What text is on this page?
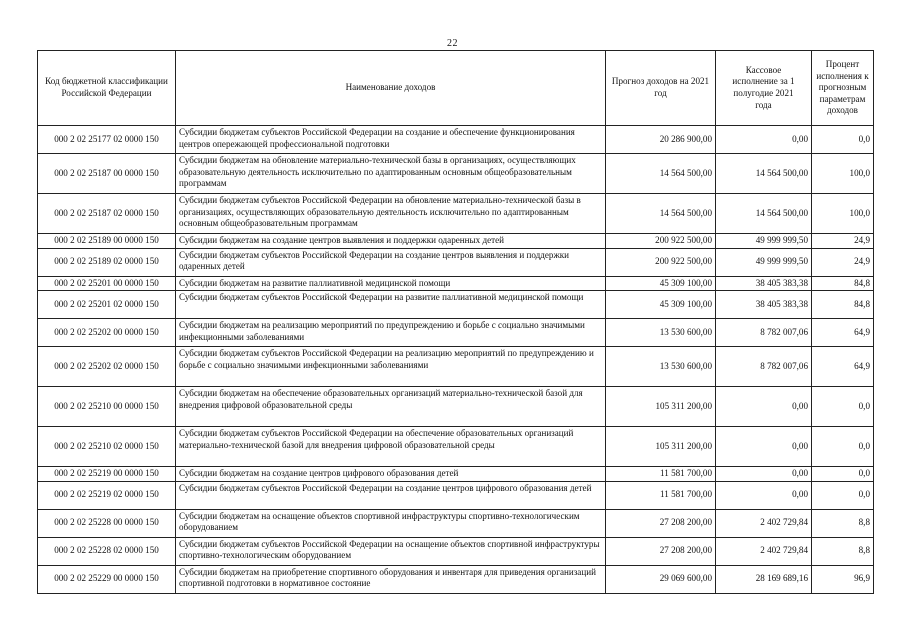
22
Код бюджетной классификации Российской Федерации	Наименование доходов	Прогноз доходов на 2021 год	Кассовое исполнение за 1 полугодие 2021 года	Процент исполнения к прогнозным параметрам доходов
000 2 02 25177 02 0000 150	Субсидии бюджетам субъектов Российской Федерации на создание и обеспечение функционирования центров опережающей профессиональной подготовки	20 286 900,00	0,00	0,0
000 2 02 25187 00 0000 150	Субсидии бюджетам на обновление материально-технической базы в организациях, осуществляющих образовательную деятельность исключительно по адаптированным основным общеобразовательным программам	14 564 500,00	14 564 500,00	100,0
000 2 02 25187 02 0000 150	Субсидии бюджетам субъектов Российской Федерации на обновление материально-технической базы в организациях, осуществляющих образовательную деятельность исключительно по адаптированным основным общеобразовательным программам	14 564 500,00	14 564 500,00	100,0
000 2 02 25189 00 0000 150	Субсидии бюджетам на создание центров выявления и поддержки одаренных детей	200 922 500,00	49 999 999,50	24,9
000 2 02 25189 02 0000 150	Субсидии бюджетам субъектов Российской Федерации на создание центров выявления и поддержки одаренных детей	200 922 500,00	49 999 999,50	24,9
000 2 02 25201 00 0000 150	Субсидии бюджетам на развитие паллиативной медицинской помощи	45 309 100,00	38 405 383,38	84,8
000 2 02 25201 02 0000 150	Субсидии бюджетам субъектов Российской Федерации на развитие паллиативной медицинской помощи	45 309 100,00	38 405 383,38	84,8
000 2 02 25202 00 0000 150	Субсидии бюджетам на реализацию мероприятий по предупреждению и борьбе с социально значимыми инфекционными заболеваниями	13 530 600,00	8 782 007,06	64,9
000 2 02 25202 02 0000 150	Субсидии бюджетам субъектов Российской Федерации на реализацию мероприятий по предупреждению и борьбе с социально значимыми инфекционными заболеваниями	13 530 600,00	8 782 007,06	64,9
000 2 02 25210 00 0000 150	Субсидии бюджетам на обеспечение образовательных организаций материально-технической базой для внедрения цифровой образовательной среды	105 311 200,00	0,00	0,0
000 2 02 25210 02 0000 150	Субсидии бюджетам субъектов Российской Федерации на обеспечение образовательных организаций материально-технической базой для внедрения цифровой образовательной среды	105 311 200,00	0,00	0,0
000 2 02 25219 00 0000 150	Субсидии бюджетам на создание центров цифрового образования детей	11 581 700,00	0,00	0,0
000 2 02 25219 02 0000 150	Субсидии бюджетам субъектов Российской Федерации на создание центров цифрового образования детей	11 581 700,00	0,00	0,0
000 2 02 25228 00 0000 150	Субсидии бюджетам на оснащение объектов спортивной инфраструктуры спортивно-технологическим оборудованием	27 208 200,00	2 402 729,84	8,8
000 2 02 25228 02 0000 150	Субсидии бюджетам субъектов Российской Федерации на оснащение объектов спортивной инфраструктуры спортивно-технологическим оборудованием	27 208 200,00	2 402 729,84	8,8
000 2 02 25229 00 0000 150	Субсидии бюджетам на приобретение спортивного оборудования и инвентаря для приведения организаций спортивной подготовки в нормативное состояние	29 069 600,00	28 169 689,16	96,9
